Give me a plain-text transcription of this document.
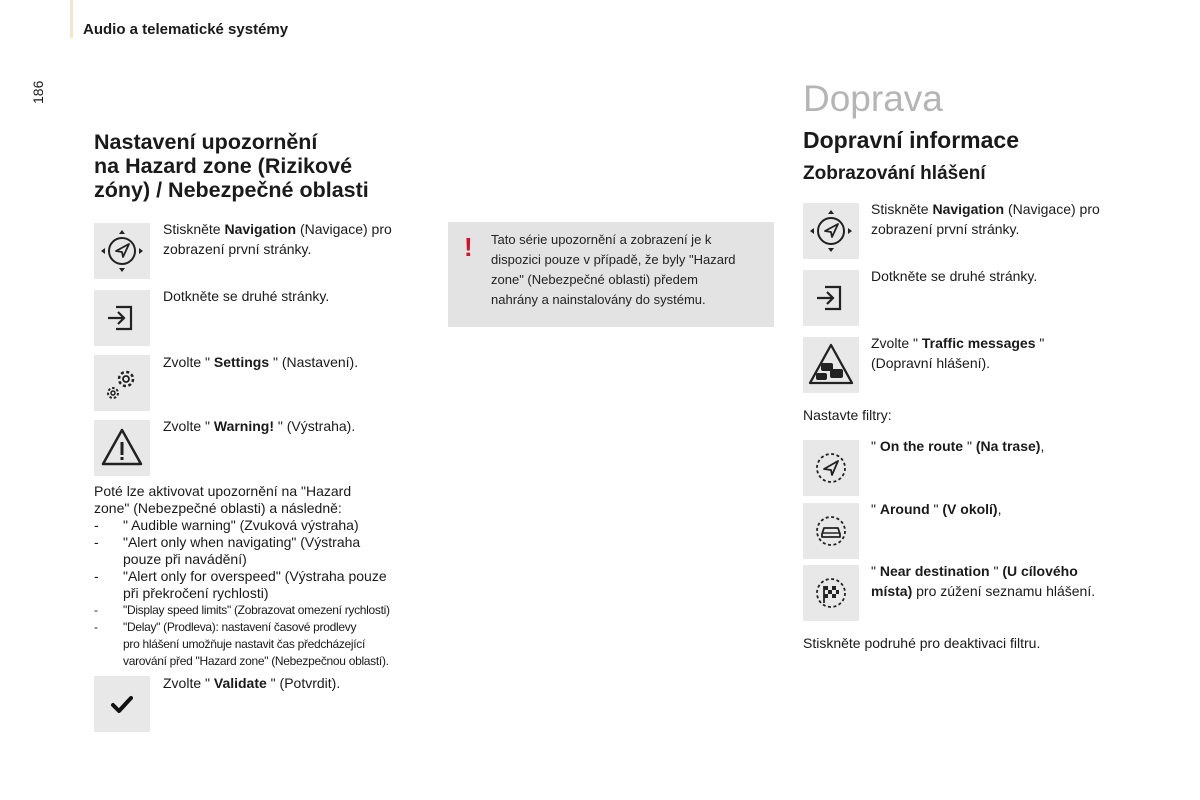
Audio a telematické systémy
186
Nastavení upozornění
na Hazard zone (Rizikové
zóny) / Nebezpečné oblasti
Stiskněte Navigation (Navigace) pro
zobrazení první stránky.
Dotkněte se druhé stránky.
Zvolte " Settings " (Nastavení).
Zvolte " Warning! " (Výstraha).
Poté lze aktivovat upozornění na "Hazard
zone" (Nebezpečné oblasti) a následně:
-	" Audible warning" (Zvuková výstraha)
-	"Alert only when navigating" (Výstraha
pouze při navádění)
-	"Alert only for overspeed" (Výstraha pouze
při překročení rychlosti)
-	"Display speed limits" (Zobrazovat omezení rychlosti)
-	"Delay" (Prodleva): nastavení časové prodlevy
pro hlášení umožňuje nastavit čas předcházející
varování před "Hazard zone" (Nebezpečnou oblastí).
Zvolte " Validate " (Potvrdit).
! Tato série upozornění a zobrazení je k
dispozici pouze v případě, že byly "Hazard
zone" (Nebezpečné oblasti) předem
nahrány a nainstalovány do systému.
Doprava
Dopravní informace
Zobrazování hlášení
Stiskněte Navigation (Navigace) pro
zobrazení první stránky.
Dotkněte se druhé stránky.
Zvolte " Traffic messages "
(Dopravní hlášení).
Nastavte filtry:
" On the route " (Na trase),
" Around " (V okolí),
" Near destination " (U cílového
místa) pro zúžení seznamu hlášení.
Stiskněte podruhé pro deaktivaci filtru.
